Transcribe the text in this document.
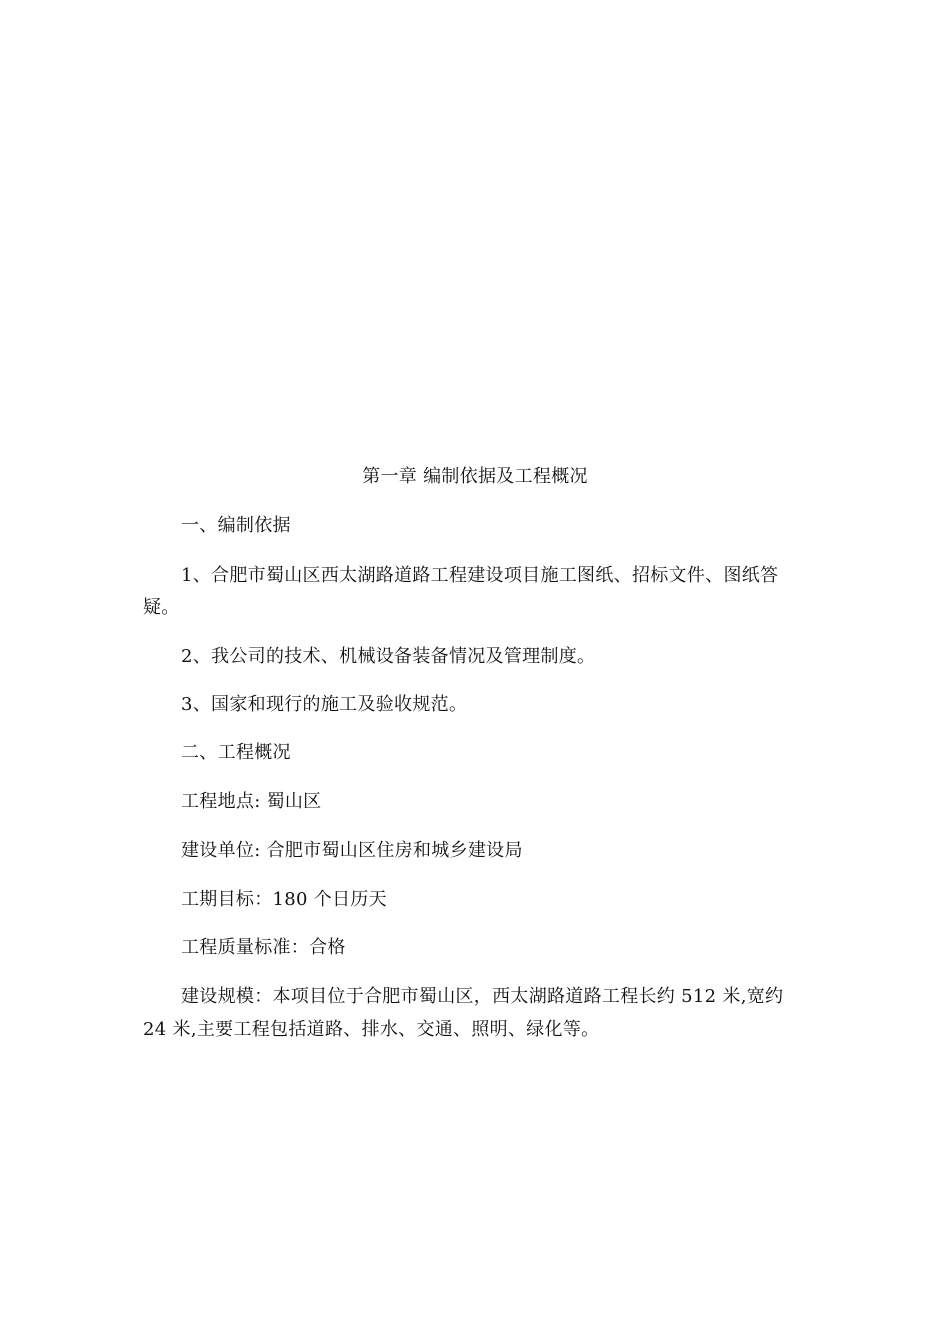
第一章 编制依据及工程概况
一、编制依据
1、合肥市蜀山区西太湖路道路工程建设项目施工图纸、招标文件、图纸答
疑。
2、我公司的技术、机械设备装备情况及管理制度。
3、国家和现行的施工及验收规范。
二、工程概况
工程地点: 蜀山区
建设单位: 合肥市蜀山区住房和城乡建设局
工期目标：180 个日历天
工程质量标准：合格
建设规模：本项目位于合肥市蜀山区，西太湖路道路工程长约 512 米,宽约
24 米,主要工程包括道路、排水、交通、照明、绿化等。
